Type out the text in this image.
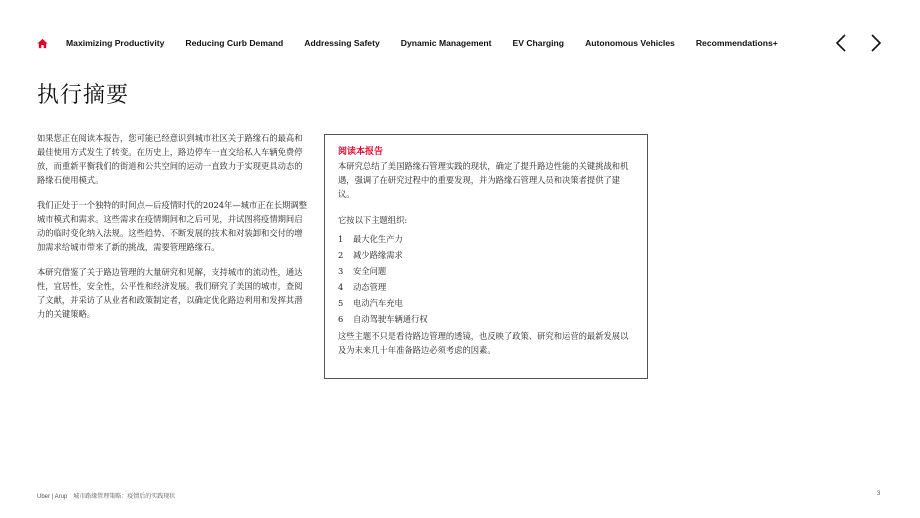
Maximizing Productivity Reducing Curb Demand Addressing Safety Dynamic Management EV Charging Autonomous Vehicles Recommendations+
执行摘要

如果您正在阅读本报告，您可能已经意识到城市社区关于路缘石的最高和最佳使用方式发生了转变。在历史上，路边停车一直交给私人车辆免费停放，而重新平衡我们的街道和公共空间的运动一直致力于实现更具动态的路缘石使用模式。

我们正处于一个独特的时间点—后疫情时代的2024年—城市正在长期调整城市模式和需求。这些需求在疫情期间和之后可见，并试图将疫情期间启动的临时变化纳入法规。这些趋势、不断发展的技术和对装卸和交付的增加需求给城市带来了新的挑战，需要管理路缘石。

本研究借鉴了关于路边管理的大量研究和见解，支持城市的流动性，通达性，宜居性，安全性，公平性和经济发展。我们研究了美国的城市，查阅了文献，并采访了从业者和政策制定者，以确定优化路边利用和发挥其潜力的关键策略。

阅读本报告
本研究总结了美国路缘石管理实践的现状，确定了提升路边性能的关键挑战和机遇，强调了在研究过程中的重要发现，并为路缘石管理人员和决策者提供了建议。
它按以下主题组织:
1	最大化生产力
2	减少路缘需求
3	安全问题
4	动态管理
5	电动汽车充电
6	自动驾驶车辆通行权
这些主题不只是看待路边管理的透镜，也反映了政策、研究和运营的最新发展以及为未来几十年准备路边必须考虑的因素。
Uber | Arup 城市路缘管理策略：疫情后的实践现状	3
